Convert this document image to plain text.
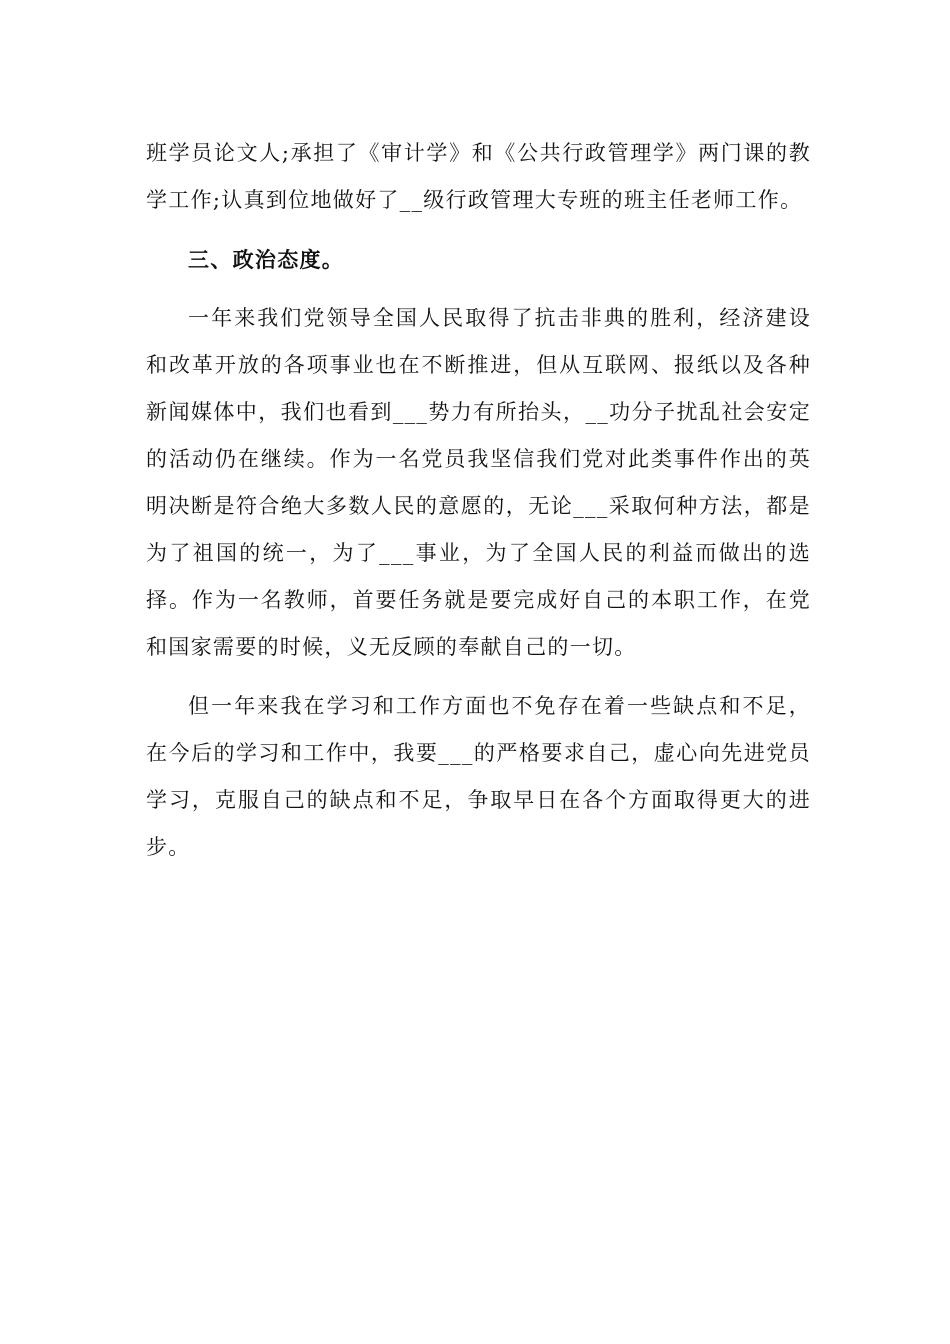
班学员论文人;承担了《审计学》和《公共行政管理学》两门课的教学工作;认真到位地做好了__级行政管理大专班的班主任老师工作。

三、政治态度。

一年来我们党领导全国人民取得了抗击非典的胜利，经济建设和改革开放的各项事业也在不断推进，但从互联网、报纸以及各种新闻媒体中，我们也看到___势力有所抬头，__功分子扰乱社会安定的活动仍在继续。作为一名党员我坚信我们党对此类事件作出的英明决断是符合绝大多数人民的意愿的，无论___采取何种方法，都是为了祖国的统一，为了___事业，为了全国人民的利益而做出的选择。作为一名教师，首要任务就是要完成好自己的本职工作，在党和国家需要的时候，义无反顾的奉献自己的一切。

但一年来我在学习和工作方面也不免存在着一些缺点和不足，在今后的学习和工作中，我要___的严格要求自己，虚心向先进党员学习，克服自己的缺点和不足，争取早日在各个方面取得更大的进步。
